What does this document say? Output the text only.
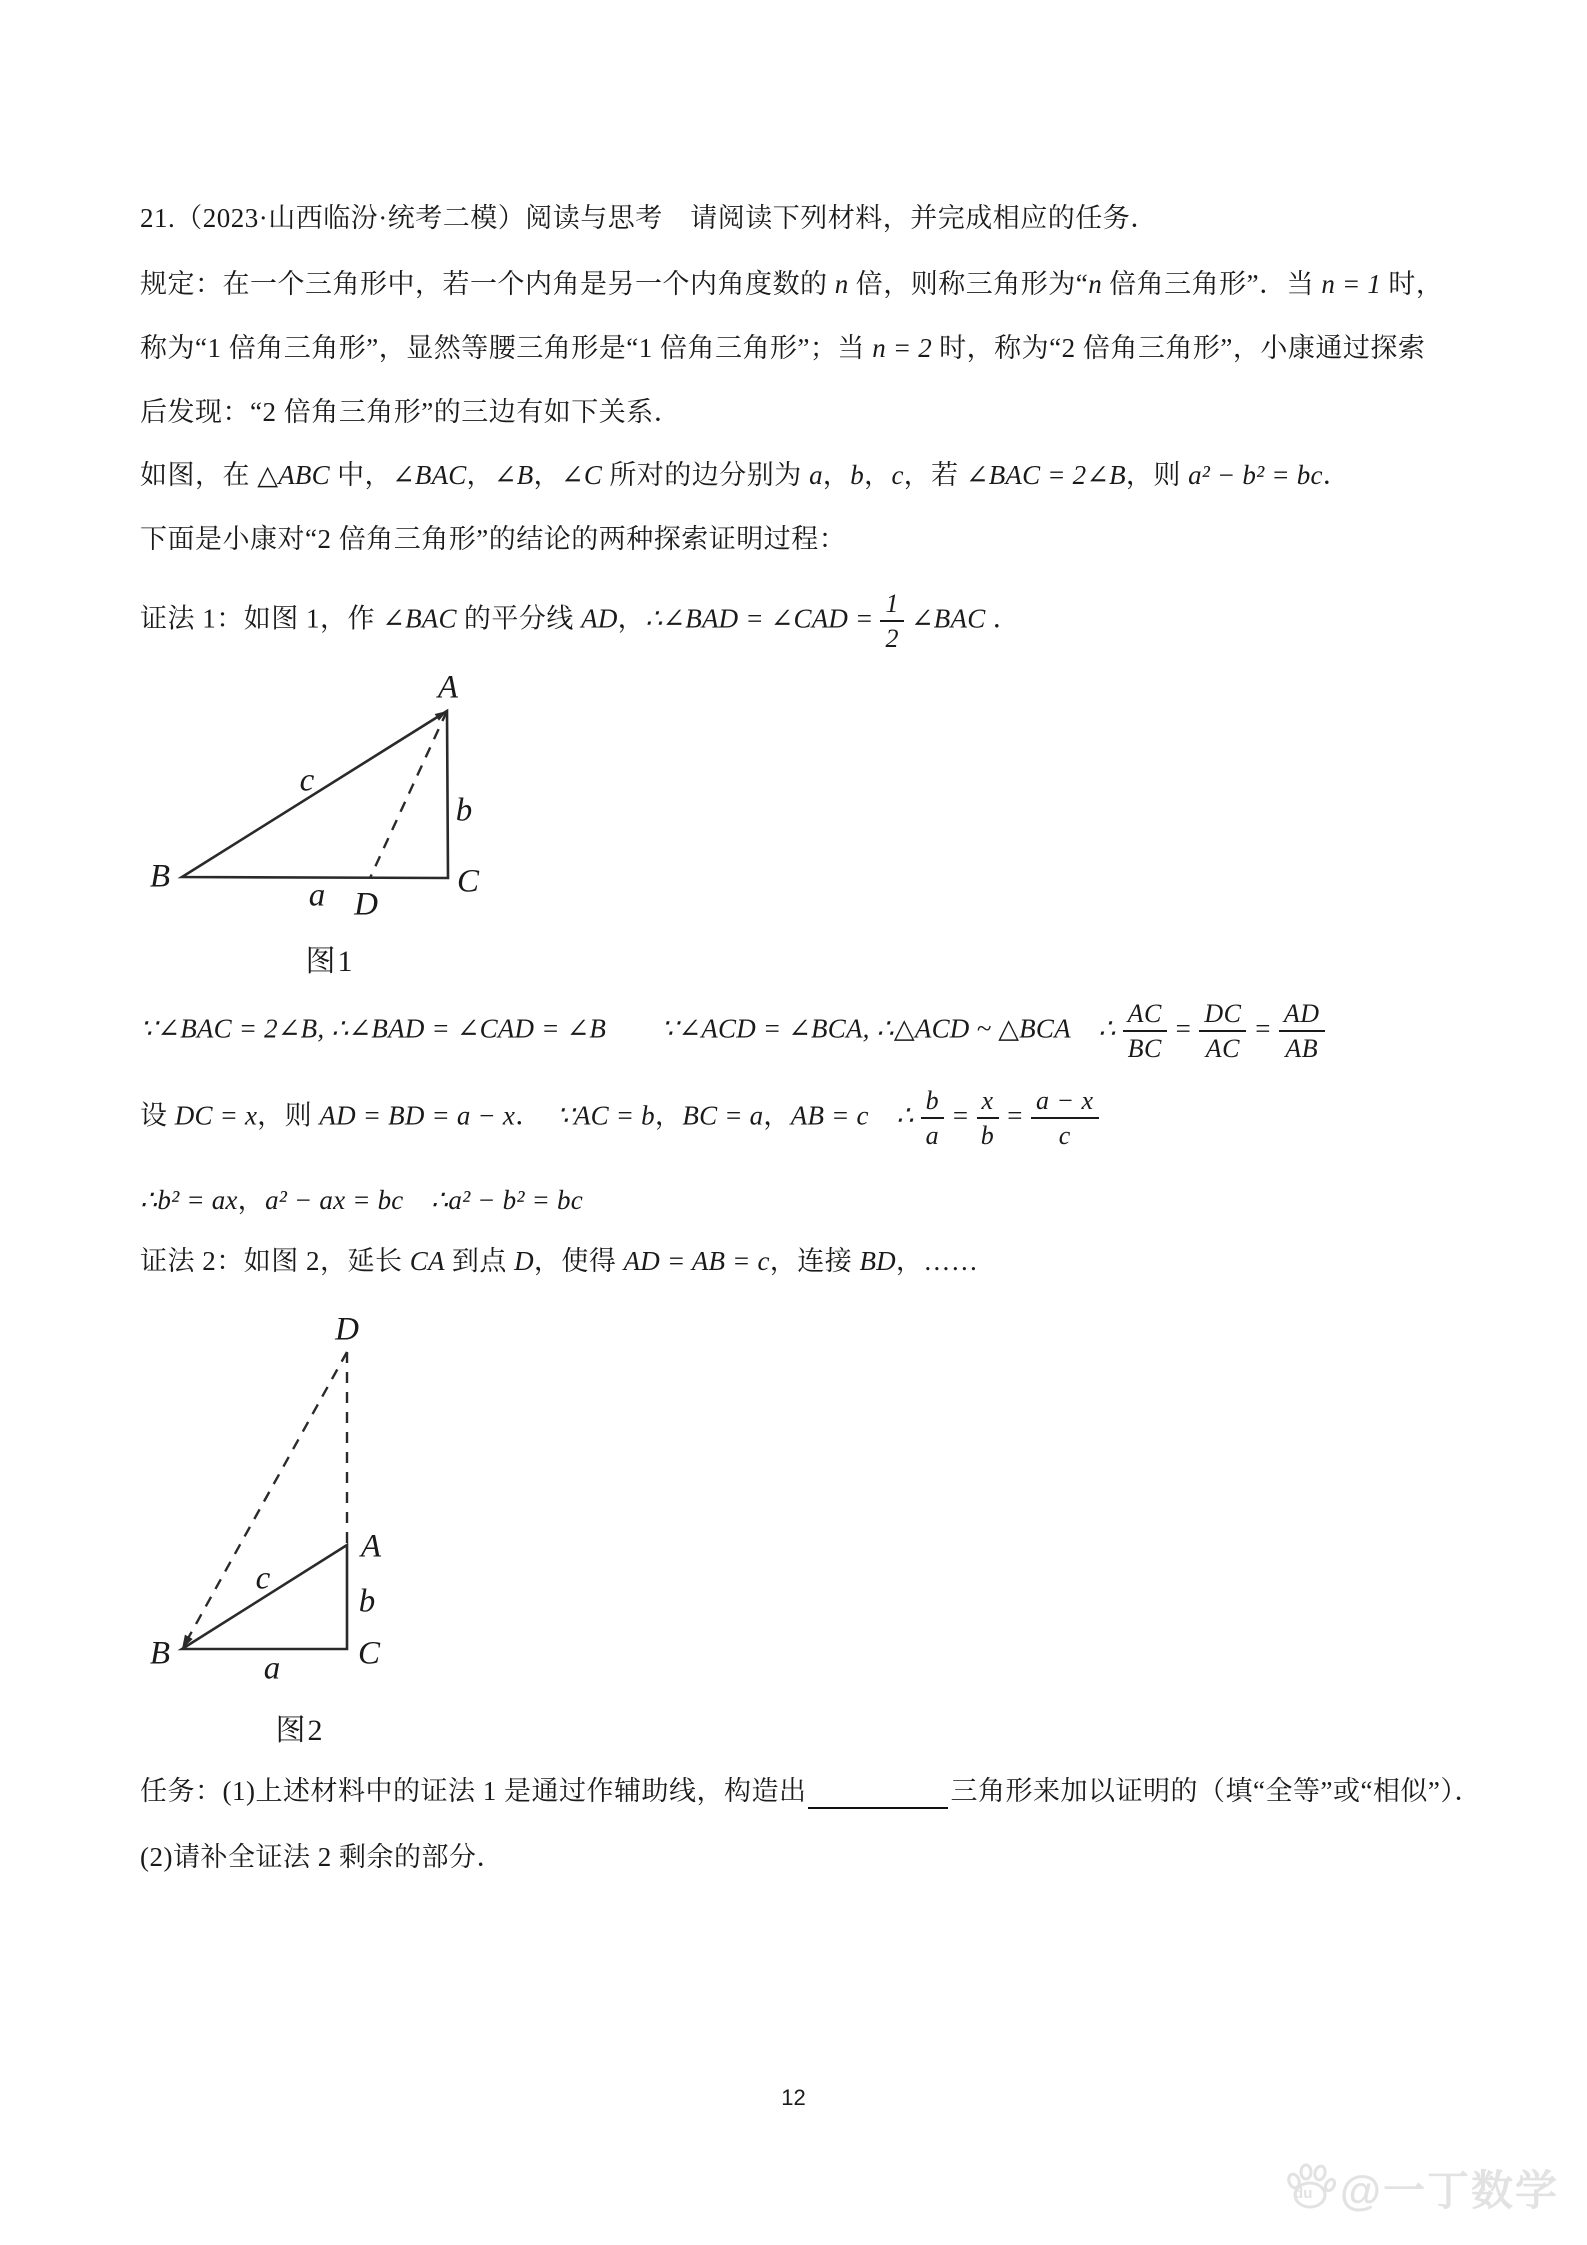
21.（2023·山西临汾·统考二模）阅读与思考　请阅读下列材料，并完成相应的任务．
规定：在一个三角形中，若一个内角是另一个内角度数的 n 倍，则称三角形为“n 倍角三角形”．当 n = 1 时，
称为“1 倍角三角形”，显然等腰三角形是“1 倍角三角形”；当 n = 2 时，称为“2 倍角三角形”，小康通过探索
后发现：“2 倍角三角形”的三边有如下关系．
如图，在 △ABC 中，∠BAC，∠B，∠C 所对的边分别为 a，b，c，若 ∠BAC = 2∠B，则 a² − b² = bc．
下面是小康对“2 倍角三角形”的结论的两种探索证明过程：
证法 1：如图 1，作 ∠BAC 的平分线 AD，∴∠BAD = ∠CAD = $\frac{1}{2}$ ∠BAC ．
A
B	C
D
c
b
a
图1
∵∠BAC = 2∠B, ∴∠BAD = ∠CAD = ∠B　　 ∵∠ACD = ∠BCA, ∴△ACD ~ △BCA　 ∴ $\frac{AC}{BC} = \frac{DC}{AC} = \frac{AD}{AB}$
设 DC = x，则 AD = BD = a − x．　∵AC = b，BC = a，AB = c　 ∴ $\frac{b}{a} = \frac{x}{b} = \frac{a - x}{c}$
∴b² = ax，a² − ax = bc　 ∴a² − b² = bc
证法 2：如图 2，延长 CA 到点 D，使得 AD = AB = c，连接 BD，……
D
A
B	C
c
b
a
图2
任务：(1)上述材料中的证法 1 是通过作辅助线，构造出	三角形来加以证明的（填“全等”或“相似”）．
(2)请补全证法 2 剩余的部分．
12
du @一丁数学
